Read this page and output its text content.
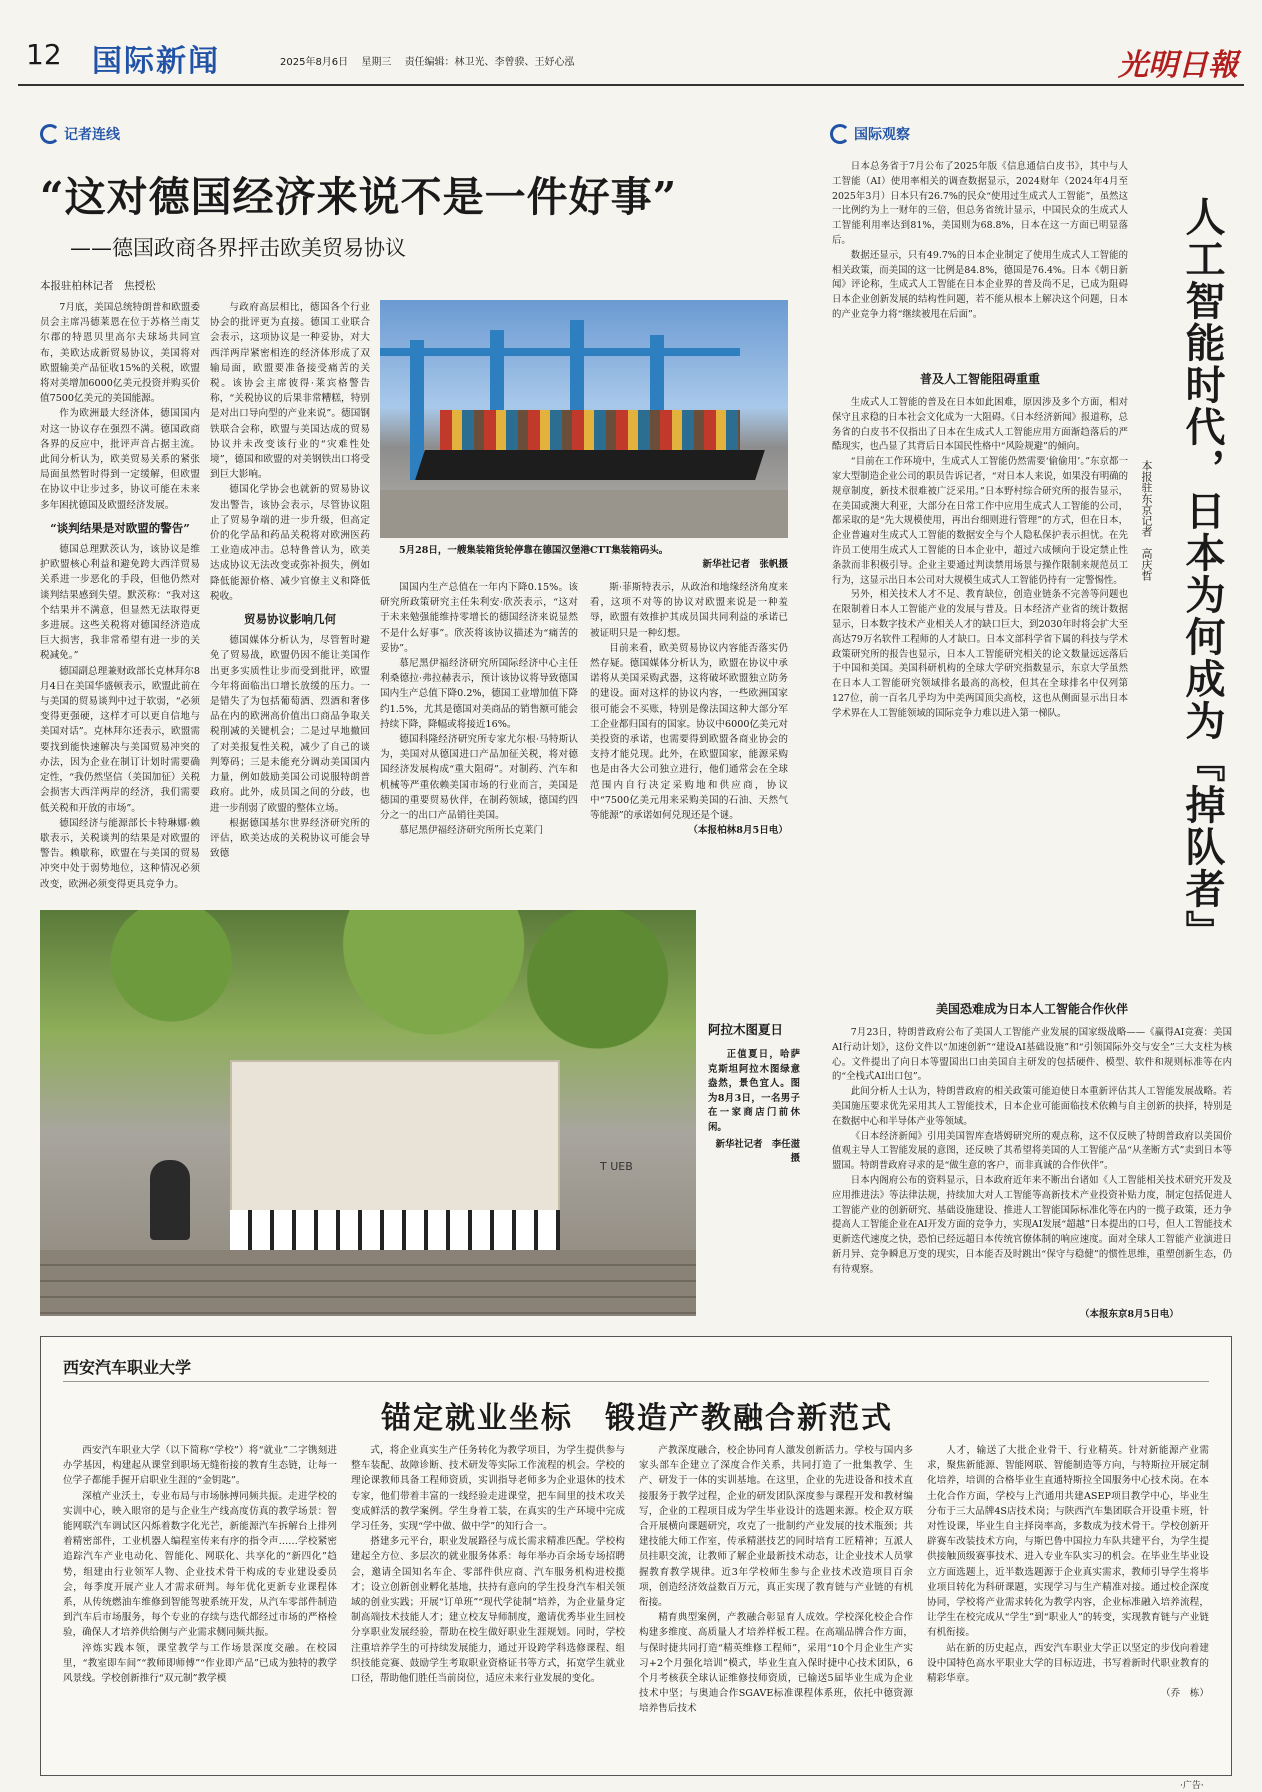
12 国际新闻	2025年8月6日 星期三 责任编辑：林卫光、李曾骙、王妤心泓	光明日報
记者连线
“这对德国经济来说不是一件好事”
——德国政商各界抨击欧美贸易协议
本报驻柏林记者　焦授松

7月底，美国总统特朗普和欧盟委员会主席冯德莱恩在位于苏格兰南艾尔郡的特恩贝里高尔夫球场共同宣布，美欧达成新贸易协议，美国将对欧盟输美产品征收15%的关税，欧盟将对美增加6000亿美元投资并购买价值7500亿美元的美国能源。

作为欧洲最大经济体，德国国内对这一协议存在强烈不满。德国政商各界的反应中，批评声音占据主流。此间分析认为，欧美贸易关系的紧张局面虽然暂时得到一定缓解，但欧盟在协议中让步过多，协议可能在未来多年困扰德国及欧盟经济发展。

“谈判结果是对欧盟的警告”

德国总理默茨认为，该协议是维护欧盟核心利益和避免跨大西洋贸易关系进一步恶化的手段，但他仍然对谈判结果感到失望。默茨称：“我对这个结果并不满意，但显然无法取得更多进展。这些关税将对德国经济造成巨大损害，我非常希望有进一步的关税减免。”

德国副总理兼财政部长克林拜尔8月4日在美国华盛顿表示，欧盟此前在与美国的贸易谈判中过于软弱，“必须变得更强硬，这样才可以更自信地与美国对话”。克林拜尔还表示，欧盟需要找到能快速解决与美国贸易冲突的办法，因为企业在制订计划时需要确定性，“我仍然坚信（美国加征）关税会损害大西洋两岸的经济，我们需要低关税和开放的市场”。

德国经济与能源部长卡特琳娜·赖歇表示，关税谈判的结果是对欧盟的警告。赖歇称，欧盟在与美国的贸易冲突中处于弱势地位，这种情况必须改变，欧洲必须变得更具竞争力。

与政府高层相比，德国各个行业协会的批评更为直接。德国工业联合会表示，这项协议是一种妥协，对大西洋两岸紧密相连的经济体形成了双输局面，欧盟要准备接受痛苦的关税。该协会主席彼得·莱宾格警告称，“关税协议的后果非常糟糕，特别是对出口导向型的产业来说”。德国钢铁联合会称，欧盟与美国达成的贸易协议并未改变该行业的“灾难性处境”，德国和欧盟的对美钢铁出口将受到巨大影响。

德国化学协会也就新的贸易协议发出警告，该协会表示，尽管协议阻止了贸易争端的进一步升级，但高定价的化学品和药品关税将对欧洲医药工业造成冲击。总特鲁普认为，欧美达成协议无法改变或弥补损失，例如降低能源价格、减少官僚主义和降低税收。

贸易协议影响几何

德国媒体分析认为，尽管暂时避免了贸易战，欧盟仍因不能让美国作出更多实质性让步而受到批评，欧盟今年将面临出口增长放缓的压力。一是错失了为包括葡萄酒、烈酒和奢侈品在内的欧洲高价值出口商品争取关税削减的关键机会；二是过早地撤回了对美报复性关税，减少了自己的谈判筹码；三是未能充分调动美国国内力量，例如鼓励美国公司说服特朗普政府。此外，成员国之间的分歧，也进一步削弱了欧盟的整体立场。

根据德国基尔世界经济研究所的评估，欧美达成的关税协议可能会导致德

5月28日，一艘集装箱货轮停靠在德国汉堡港CTT集装箱码头。
新华社记者　张帆摄

国国内生产总值在一年内下降0.15%。该研究所政策研究主任朱利安·欣茨表示，“这对于未来勉强能维持零增长的德国经济来说显然不是什么好事”。欣茨将该协议描述为“痛苦的妥协”。

慕尼黑伊福经济研究所国际经济中心主任利桑德拉·弗拉赫表示，预计该协议将导致德国国内生产总值下降0.2%，德国工业增加值下降约1.5%，尤其是德国对美商品的销售额可能会持续下降，降幅或将接近16%。

德国科隆经济研究所专家尤尔根·马特斯认为，美国对从德国进口产品加征关税，将对德国经济发展构成“重大阻碍”。对制药、汽车和机械等严重依赖美国市场的行业而言，美国是德国的重要贸易伙伴，在制药领域，德国约四分之一的出口产品销往美国。

慕尼黑伊福经济研究所所长克莱门

斯·菲斯特表示，从政治和地缘经济角度来看，这项不对等的协议对欧盟来说是一种羞辱，欧盟有效推护其成员国共同利益的承诺已被证明只是一种幻想。

目前来看，欧美贸易协议内容能否落实仍然存疑。德国媒体分析认为，欧盟在协议中承诺将从美国采购武器，这将破坏欧盟独立防务的建设。面对这样的协议内容，一些欧洲国家很可能会不买账，特别是像法国这种大部分军工企业都归国有的国家。协议中6000亿美元对美投资的承诺，也需要得到欧盟各商业协会的支持才能兑现。此外，在欧盟国家，能源采购也是由各大公司独立进行，他们通常会在全球范围内自行决定采购地和供应商，协议中“7500亿美元用来采购美国的石油、天然气等能源”的承诺如何兑现还是个谜。

（本报柏林8月5日电）
T UEB
阿拉木图夏日
正值夏日，哈萨克斯坦阿拉木图绿意盎然，景色宜人。图为8月3日，一名男子在一家商店门前休闲。
新华社记者　李任滋摄
国际观察
人工智能时代，日本为何成为『掉队者』
本报驻东京记者　高庆哲

日本总务省于7月公布了2025年版《信息通信白皮书》，其中与人工智能（AI）使用率相关的调查数据显示，2024财年（2024年4月至2025年3月）日本只有26.7%的民众“使用过生成式人工智能”，虽然这一比例约为上一财年的三倍，但总务省统计显示，中国民众的生成式人工智能利用率达到81%，美国则为68.8%，日本在这一方面已明显落后。

数据还显示，只有49.7%的日本企业制定了使用生成式人工智能的相关政策，而美国的这一比例是84.8%，德国是76.4%。日本《朝日新闻》评论称，生成式人工智能在日本企业界的普及尚不足，已成为阻碍日本企业创新发展的结构性问题，若不能从根本上解决这个问题，日本的产业竞争力将“继续被甩在后面”。

普及人工智能阻碍重重

生成式人工智能的普及在日本如此困难，原因涉及多个方面，相对保守且求稳的日本社会文化成为一大阻碍。《日本经济新闻》报道称，总务省的白皮书不仅指出了日本在生成式人工智能应用方面渐趋落后的严酷现实，也凸显了其背后日本国民性格中“风险规避”的倾向。

“目前在工作环境中，生成式人工智能仍然需要‘偷偷用’。”东京都一家大型制造企业公司的职员告诉记者，“对日本人来说，如果没有明确的规章制度，新技术很难被广泛采用。”日本野村综合研究所的报告显示，在美国或澳大利亚，大部分在日常工作中应用生成式人工智能的公司，都采取的是“先大规模使用，再出台细则进行管理”的方式，但在日本，企业普遍对生成式人工智能的数据安全与个人隐私保护表示担忧。在先许员工使用生成式人工智能的日本企业中，超过六成倾向于设定禁止性条款而非积极引导。企业主要通过判读禁用场景与操作限制来规范员工行为，这显示出日本公司对大规模生成式人工智能仍持有一定警惕性。

另外，相关技术人才不足、教育缺位，创造业链条不完善等问题也在限制着日本人工智能产业的发展与普及。日本经济产业省的统计数据显示，日本数字技术产业相关人才的缺口巨大，到2030年时将会扩大至高达79万名软件工程师的人才缺口。日本文部科学省下属的科技与学术政策研究所的报告也显示，日本人工智能研究相关的论文数量远远落后于中国和美国。美国科研机构的全球大学研究指数显示，东京大学虽然在日本人工智能研究领域排名最高的高校，但其在全球排名中仅列第127位，前一百名几乎均为中美两国顶尖高校，这也从侧面显示出日本学术界在人工智能领域的国际竞争力难以进入第一梯队。

美国恐难成为日本人工智能合作伙伴

7月23日，特朗普政府公布了美国人工智能产业发展的国家级战略——《赢得AI竞赛：美国AI行动计划》，这份文件以“加速创新”“建设AI基础设施”和“引领国际外交与安全”三大支柱为核心。文件提出了向日本等盟国出口由美国自主研发的包括硬件、模型、软件和规则标准等在内的“全栈式AI出口包”。

此间分析人士认为，特朗普政府的相关政策可能迫使日本重新评估其人工智能发展战略。若美国施压要求优先采用其人工智能技术，日本企业可能面临技术依赖与自主创新的抉择，特别是在数据中心和半导体产业等领域。

《日本经济新闻》引用美国智库查塔姆研究所的观点称，这不仅反映了特朗普政府以美国价值观主导人工智能发展的意图，还反映了其希望将美国的人工智能产品“从垄断方式”卖到日本等盟国。特朗普政府寻求的是“做生意的客户，而非真诚的合作伙伴”。

日本内阁府公布的资料显示，日本政府近年来不断出台诸如《人工智能相关技术研究开发及应用推进法》等法律法规，持续加大对人工智能等高新技术产业投资补贴力度，制定包括促进人工智能产业的创新研究、基础设施建设、推进人工智能国际标准化等在内的一揽子政策，还力争提高人工智能企业在AI开发方面的竞争力，实现AI发展“超越”日本提出的口号，但人工智能技术更新迭代速度之快，恐怕已经远超日本传统官僚体制的响应速度。面对全球人工智能产业演进日新月异、竞争瞬息万变的现实，日本能否及时跳出“保守与稳健”的惯性思维，重塑创新生态，仍有待观察。

（本报东京8月5日电）
西安汽车职业大学
锚定就业坐标　锻造产教融合新范式

西安汽车职业大学（以下简称“学校”）将“就业”二字镌刻进办学基因，构建起从课堂到职场无缝衔接的教育生态链，让每一位学子都能手握开启职业生涯的“金钥匙”。

深植产业沃土，专业布局与市场脉搏同频共振。走进学校的实训中心，映入眼帘的是与企业生产线高度仿真的教学场景：智能网联汽车调试区闪烁着数字化光芒，新能源汽车拆解台上排列着精密部件，工业机器人编程室传来有序的指令声……学校紧密追踪汽车产业电动化、智能化、网联化、共享化的“新四化”趋势，组建由行业领军人物、企业技术骨干构成的专业建设委员会，每季度开展产业人才需求研判。每年优化更新专业课程体系，从传统燃油车维修到智能驾驶系统开发，从汽车零部件制造到汽车后市场服务，每个专业的存续与迭代都经过市场的严格检验，确保人才培养供给侧与产业需求侧同频共振。

淬炼实践本领，课堂教学与工作场景深度交融。在校园里，“教室即车间”“教师即师傅”“作业即产品”已成为独特的教学风景线。学校创新推行“双元制”教学模

式，将企业真实生产任务转化为教学项目，为学生提供参与整车装配、故障诊断、技术研发等实际工作流程的机会。学校的理论课教师具备工程师资质，实训指导老师多为企业退休的技术专家，他们带着丰富的一线经验走进课堂，把车间里的技术攻关变成鲜活的教学案例。学生身着工装，在真实的生产环境中完成学习任务，实现“学中做、做中学”的知行合一。

搭建多元平台，职业发展路径与成长需求精准匹配。学校构建起全方位、多层次的就业服务体系：每年举办百余场专场招聘会，邀请全国知名车企、零部件供应商、汽车服务机构进校揽才；设立创新创业孵化基地，扶持有意向的学生投身汽车相关领域的创业实践；开展“订单班”“现代学徒制”培养，为企业量身定制高端技术技能人才；建立校友导师制度，邀请优秀毕业生回校分享职业发展经验，帮助在校生做好职业生涯规划。同时，学校注重培养学生的可持续发展能力，通过开设跨学科选修课程、组织技能竞赛、鼓励学生考取职业资格证书等方式，拓宽学生就业口径，帮助他们胜任当前岗位，适应未来行业发展的变化。

产教深度融合，校企协同育人激发创新活力。学校与国内多家头部车企建立了深度合作关系，共同打造了一批集教学、生产、研发于一体的实训基地。在这里，企业的先进设备和技术直接服务于教学过程，企业的研发团队深度参与课程开发和教材编写，企业的工程项目成为学生毕业设计的选题来源。校企双方联合开展横向课题研究，攻克了一批制约产业发展的技术瓶颈；共建技能大师工作室，传承精湛技艺的同时培育工匠精神；互派人员挂职交流，让教师了解企业最新技术动态，让企业技术人员掌握教育教学规律。近3年学校师生参与企业技术改造项目百余项，创造经济效益数百万元，真正实现了教育链与产业链的有机衔接。

精育典型案例，产教融合彰显育人成效。学校深化校企合作构建多维度、高质量人才培养样板工程。在高端品牌合作方面，与保时捷共同打造“精英维修工程师”，采用“10个月企业生产实习+2个月强化培训”模式，毕业生直入保时捷中心技术团队，6个月考核获全球认证维修技师资质，已输送5届毕业生成为企业技术中坚；与奥迪合作SGAVE标准课程体系班，依托中德资源培养售后技术

人才，输送了大批企业骨干、行业精英。针对新能源产业需求，聚焦新能源、智能网联、智能制造等方向，与特斯拉开展定制化培养，培训的合格毕业生直通特斯拉全国服务中心技术岗。在本土化合作方面，学校与上汽通用共建ASEP项目教学中心，毕业生分布于三大品牌4S店技术岗；与陕西汽车集团联合开设重卡班，针对性设课，毕业生自主择岗率高，多数成为技术骨干。学校创新开辟赛车改装技术方向，与斯巴鲁中国拉力车队共建平台，为学生提供接触顶级赛事技术、进入专业车队实习的机会。在毕业生毕业设立方面选题上，近半数选题源于企业真实需求，教师引导学生将毕业项目转化为科研课题，实现学习与生产精准对接。通过校企深度协同，学校将产业需求转化为教学内容，企业标准融入培养流程，让学生在校完成从“学生”到“职业人”的转变，实现教育链与产业链有机衔接。

站在新的历史起点，西安汽车职业大学正以坚定的步伐向着建设中国特色高水平职业大学的目标迈进，书写着新时代职业教育的精彩华章。

（乔　栋）
·广告·
